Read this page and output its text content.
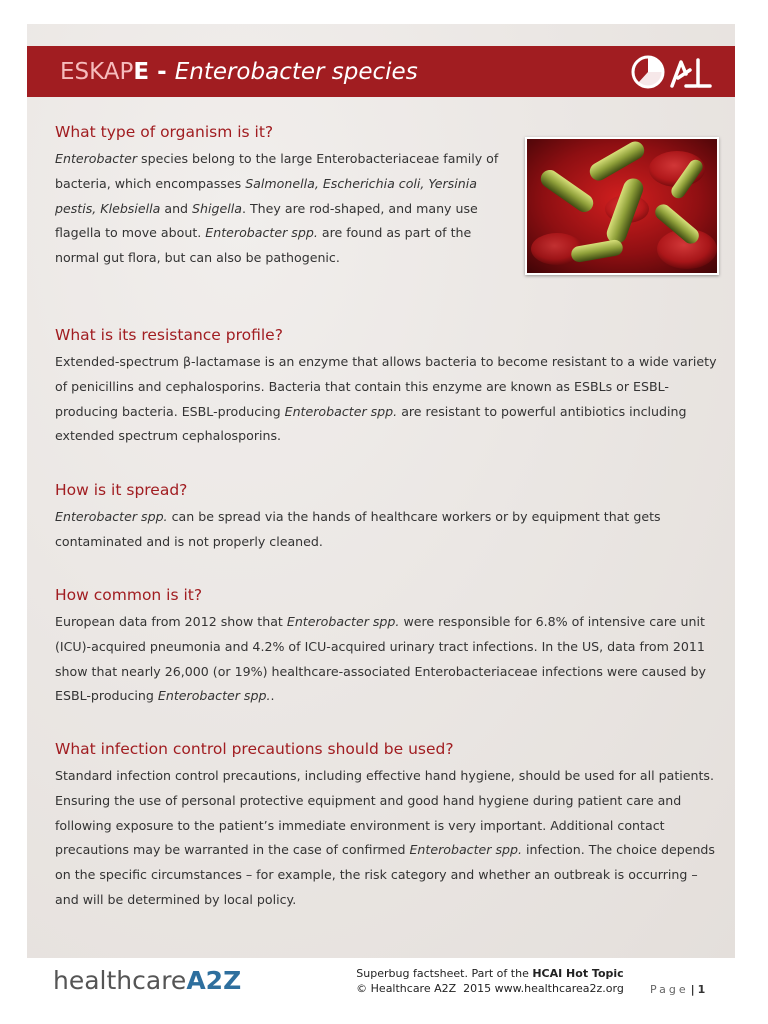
ESKAPE - Enterobacter species
What type of organism is it?

Enterobacter species belong to the large Enterobacteriaceae family of bacteria, which encompasses Salmonella, Escherichia coli, Yersinia pestis, Klebsiella and Shigella. They are rod-shaped, and many use flagella to move about. Enterobacter spp. are found as part of the normal gut flora, but can also be pathogenic.

What is its resistance profile?

Extended-spectrum β-lactamase is an enzyme that allows bacteria to become resistant to a wide variety of penicillins and cephalosporins. Bacteria that contain this enzyme are known as ESBLs or ESBL-producing bacteria. ESBL-producing Enterobacter spp. are resistant to powerful antibiotics including extended spectrum cephalosporins.

How is it spread?

Enterobacter spp. can be spread via the hands of healthcare workers or by equipment that gets contaminated and is not properly cleaned.

How common is it?

European data from 2012 show that Enterobacter spp. were responsible for 6.8% of intensive care unit (ICU)-acquired pneumonia and 4.2% of ICU-acquired urinary tract infections. In the US, data from 2011 show that nearly 26,000 (or 19%) healthcare-associated Enterobacteriaceae infections were caused by ESBL-producing Enterobacter spp..

What infection control precautions should be used?

Standard infection control precautions, including effective hand hygiene, should be used for all patients. Ensuring the use of personal protective equipment and good hand hygiene during patient care and following exposure to the patient’s immediate environment is very important. Additional contact precautions may be warranted in the case of confirmed Enterobacter spp. infection. The choice depends on the specific circumstances – for example, the risk category and whether an outbreak is occurring – and will be determined by local policy.

healthcareA2Z	Superbug factsheet. Part of the HCAI Hot Topic
© Healthcare A2Z  2015 www.healthcarea2z.org	Page | 1
